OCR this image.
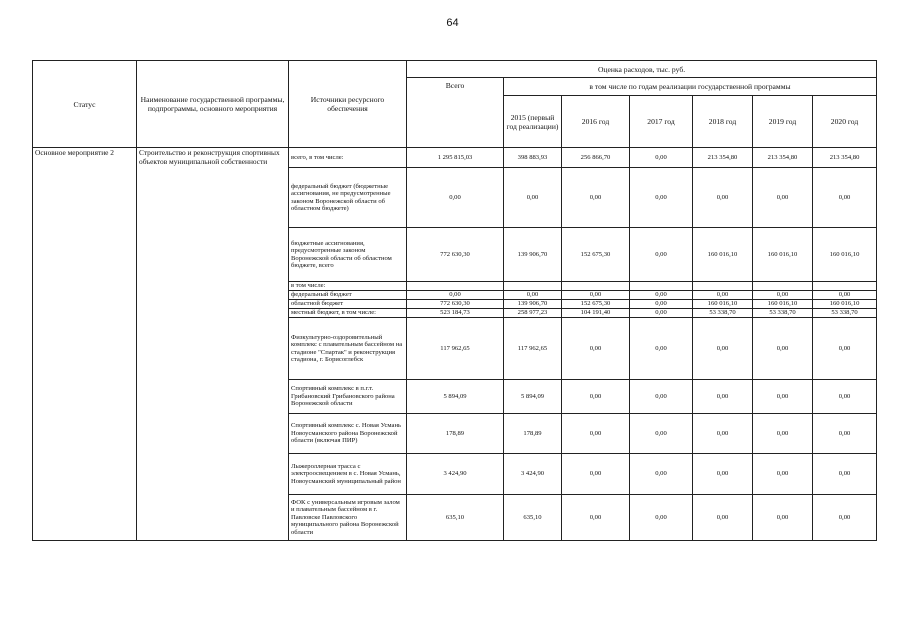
64
Статус	Наименование государственной программы, подпрограммы, основного мероприятия	Источники ресурсного обеспечения	Оценка расходов, тыс. руб.						
			Всего	в том числе по годам реализации государственной программы					
				2015 (первый год реализации)	2016 год	2017 год	2018 год	2019 год	2020 год
Основное мероприятие 2	Строительство и реконструкция спортивных объектов муниципальной собственности	всего, в том числе:	1 295 815,03	398 883,93	256 866,70	0,00	213 354,80	213 354,80	213 354,80
		федеральный бюджет (бюджетные ассигнования, не предусмотренные законом Воронежской области об областном бюджете)	0,00	0,00	0,00	0,00	0,00	0,00	0,00
		бюджетные ассигнования, предусмотренные законом Воронежской области об областном бюджете, всего	772 630,30	139 906,70	152 675,30	0,00	160 016,10	160 016,10	160 016,10
		в том числе:							
		федеральный бюджет	0,00	0,00	0,00	0,00	0,00	0,00	0,00
		областной бюджет	772 630,30	139 906,70	152 675,30	0,00	160 016,10	160 016,10	160 016,10
		местный бюджет, в том числе:	523 184,73	258 977,23	104 191,40	0,00	53 338,70	53 338,70	53 338,70
		Физкультурно-оздоровительный комплекс с плавательным бассейном на стадионе "Спартак" и реконструкция стадиона, г. Борисоглебск	117 962,65	117 962,65	0,00	0,00	0,00	0,00	0,00
		Спортивный комплекс в п.г.т. Грибановский Грибановского района Воронежской области	5 894,09	5 894,09	0,00	0,00	0,00	0,00	0,00
		Спортивный комплекс с. Новая Усмань Новоусманского района Воронежской области (включая ПИР)	178,89	178,89	0,00	0,00	0,00	0,00	0,00
		Лыжероллерная трасса с электроосвещением в с. Новая Усмань, Новоусманский муниципальный район	3 424,90	3 424,90	0,00	0,00	0,00	0,00	0,00
		ФОК с универсальным игровым залом и плавательным бассейном в г. Павловске Павловского муниципального района Воронежской области	635,10	635,10	0,00	0,00	0,00	0,00	0,00
